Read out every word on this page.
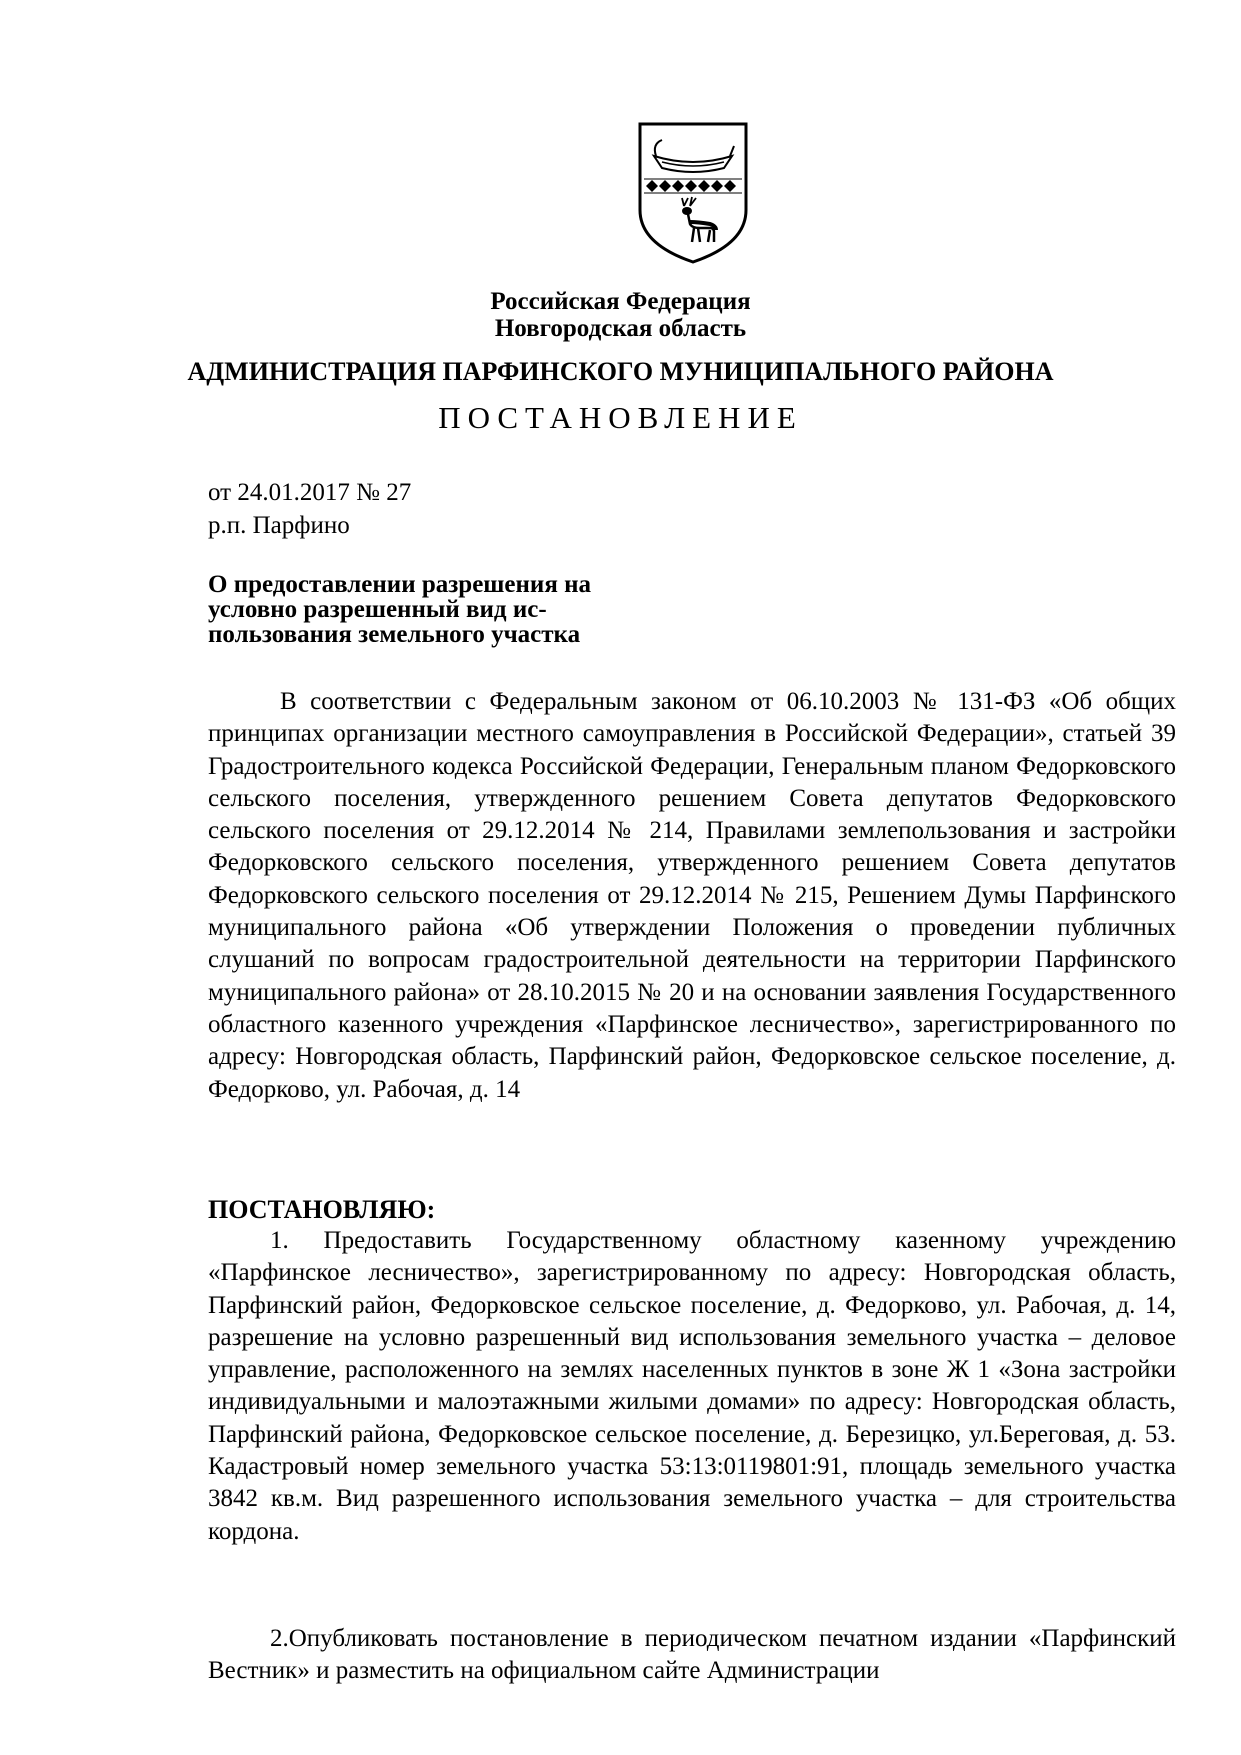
Российская Федерация
Новгородская область
АДМИНИСТРАЦИЯ ПАРФИНСКОГО МУНИЦИПАЛЬНОГО РАЙОНА
ПОСТАНОВЛЕНИЕ
от 24.01.2017 № 27
р.п. Парфино
О предоставлении разрешения на
условно разрешенный вид ис-
пользования земельного участка

В соответствии с Федеральным законом от 06.10.2003 № 131-ФЗ «Об общих принципах организации местного самоуправления в Российской Федерации», статьей 39 Градостроительного кодекса Российской Федерации, Генеральным планом Федорковского сельского поселения, утвержденного решением Совета депутатов Федорковского сельского поселения от 29.12.2014 № 214, Правилами землепользования и застройки Федорковского сельского поселения, утвержденного решением Совета депутатов Федорковского сельского поселения от 29.12.2014 № 215, Решением Думы Парфинского муниципального района «Об утверждении Положения о проведении публичных слушаний по вопросам градостроительной деятельности на территории Парфинского муниципального района» от 28.10.2015 № 20 и на основании заявления Государственного областного казенного учреждения «Парфинское лесничество», зарегистрированного по адресу: Новгородская область, Парфинский район, Федорковское сельское поселение, д. Федорково, ул. Рабочая, д. 14

ПОСТАНОВЛЯЮ:

1. Предоставить Государственному областному казенному учреждению «Парфинское лесничество», зарегистрированному по адресу: Новгородская область, Парфинский район, Федорковское сельское поселение, д. Федорково, ул. Рабочая, д. 14, разрешение на условно разрешенный вид использования земельного участка – деловое управление, расположенного на землях населенных пунктов в зоне Ж 1 «Зона застройки индивидуальными и малоэтажными жилыми домами» по адресу: Новгородская область, Парфинский района, Федорковское сельское поселение, д. Березицко, ул.Береговая, д. 53. Кадастровый номер земельного участка 53:13:0119801:91, площадь земельного участка 3842 кв.м. Вид разрешенного использования земельного участка – для строительства кордона.

2.Опубликовать постановление в периодическом печатном издании «Парфинский Вестник» и разместить на официальном сайте Администрации
